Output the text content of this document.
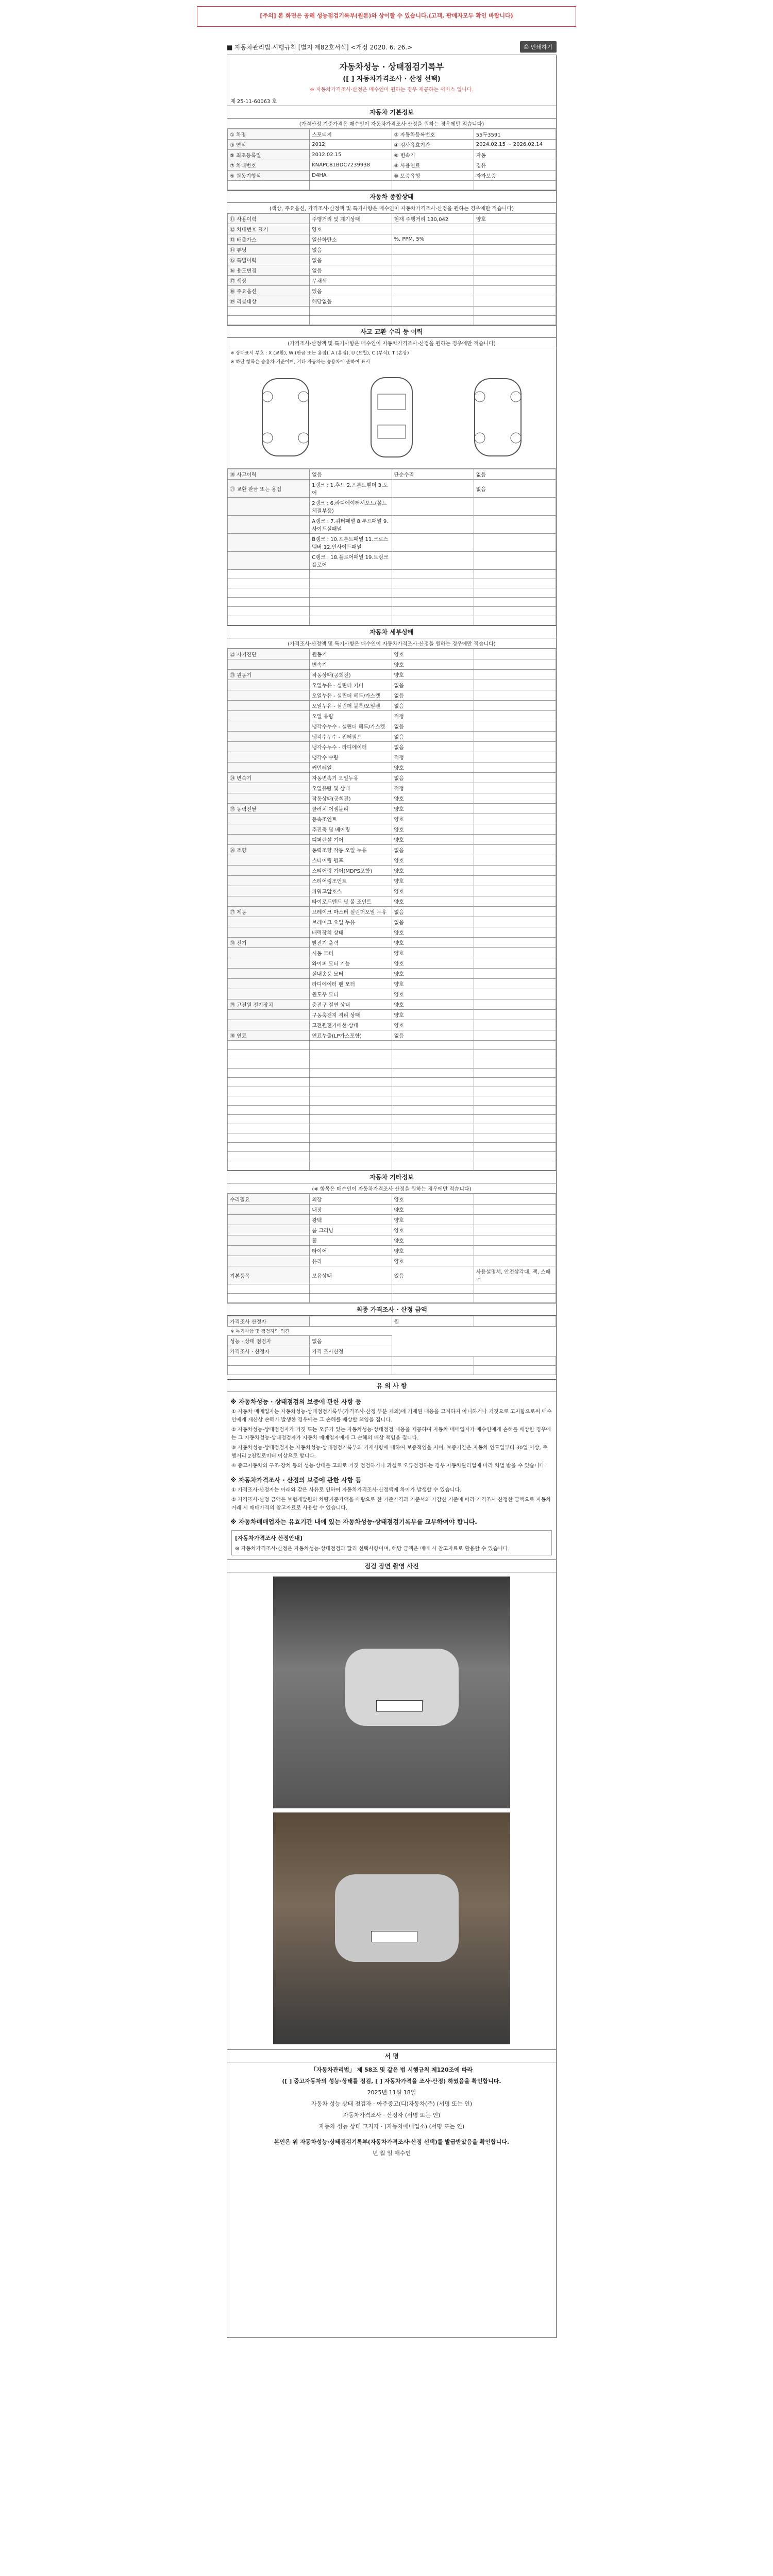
[주의] 본 화면은 공해 성능점검기록부(원본)와 상이할 수 있습니다.(고객, 판매자모두 확인 바랍니다)
■ 자동차관리법 시행규칙 [별지 제82호서식] <개정 2020. 6. 26.>	⎙ 인쇄하기
자동차성능 · 상태점검기록부
([ ] 자동차가격조사 · 산정 선택)

※ 자동차가격조사·산정은 매수인이 원하는 경우 제공하는 서비스 입니다.

제 25-11-60063 호
자동차 기본정보
(가격산정 기준가격은 매수인이 자동차가격조사·산정을 원하는 경우에만 적습니다)
① 차명	스포티지	② 자동차등록번호	55두3591
③ 연식	2012	④ 검사유효기간	2024.02.15 ~ 2026.02.14
⑤ 최초등록일	2012.02.15	⑥ 변속기	자동
⑦ 차대번호	KNAPC81BDC7239938	⑧ 사용연료	경유
⑨ 원동기형식	D4HA	⑩ 보증유형	자가보증

자동차 종합상태
(색상, 주요옵션, 가격조사·산정액 및 특기사항은 매수인이 자동차가격조사·산정을 원하는 경우에만 적습니다)
⑪ 사용이력	주행거리 및 계기상태	현재 주행거리 130,042	양호
⑫ 차대번호 표기	양호		
⑬ 배출가스	일산화탄소	%, PPM, 5%	
⑭ 튜닝	없음		
⑮ 특별이력	없음		
⑯ 용도변경	없음		
⑰ 색상	무채색		
⑱ 주요옵션	있음		
⑲ 리콜대상	해당없음		

사고 교환 수리 등 이력
(가격조사·산정액 및 특기사항은 매수인이 자동차가격조사·산정을 원하는 경우에만 적습니다)
※ 상태표시 부호 : X (교환), W (판금 또는 용접), A (흠집), U (요철), C (부식), T (손상)
※ 하단 항목은 승용차 기준이며, 기타 자동차는 승용차에 준하여 표시
⑳ 사고이력	없음	단순수리	없음
㉑ 교환 판금 또는 용접	1랭크 : 1.후드 2.프론트휀더 3.도어		없음
	2랭크 : 6.라디에이터서포트(볼트체결부품)		
	A랭크 : 7.쿼터패널 8.루프패널 9.사이드실패널		
	B랭크 : 10.프론트패널 11.크로스멤버 12.인사이드패널		
	C랭크 : 18.플로어패널 19.트렁크플로어		

자동차 세부상태
(가격조사·산정액 및 특기사항은 매수인이 자동차가격조사·산정을 원하는 경우에만 적습니다)
㉒ 자기진단	원동기	양호	
	변속기	양호	
㉓ 원동기	작동상태(공회전)	양호	
	오일누유 - 실린더 커버	없음	
	오일누유 - 실린더 헤드/가스켓	없음	
	오일누유 - 실린더 블록/오일팬	없음	
	오일 유량	적정	
	냉각수누수 - 실린더 헤드/가스켓	없음	
	냉각수누수 - 워터펌프	없음	
	냉각수누수 - 라디에이터	없음	
	냉각수 수량	적정	
	커먼레일	양호	
㉔ 변속기	자동변속기 오일누유	없음	
	오일유량 및 상태	적정	
	작동상태(공회전)	양호	
㉕ 동력전달	클러치 어셈블리	양호	
	등속조인트	양호	
	추진축 및 베어링	양호	
	디퍼렌셜 기어	양호	
㉖ 조향	동력조향 작동 오일 누유	없음	
	스티어링 펌프	양호	
	스티어링 기어(MDPS포함)	양호	
	스티어링조인트	양호	
	파워고압호스	양호	
	타이로드엔드 및 볼 조인트	양호	
㉗ 제동	브레이크 마스터 실린더오일 누유	없음	
	브레이크 오일 누유	없음	
	배력장치 상태	양호	
㉘ 전기	발전기 출력	양호	
	시동 모터	양호	
	와이퍼 모터 기능	양호	
	실내송풍 모터	양호	
	라디에이터 팬 모터	양호	
	윈도우 모터	양호	
㉙ 고전원 전기장치	충전구 절연 상태	양호	
	구동축전지 격리 상태	양호	
	고전원전기배선 상태	양호	
㉚ 연료	연료누출(LP가스포함)	없음	

자동차 기타정보
(※ 항목은 매수인이 자동차가격조사·산정을 원하는 경우에만 적습니다)
수리필요	외장	양호	
	내장	양호	
	광택	양호	
	룸 크리닝	양호	
	휠	양호	
	타이어	양호	
	유리	양호	
기본품목	보유상태	있음	사용설명서, 안전삼각대, 잭, 스패너

최종 가격조사 · 산정 금액
가격조사 산정자		원	
※ 특기사항 및 점검자의 의견
성능 · 상태 점검자	없음		
가격조사 · 산정자	가격 조사산정		

유 의 사 항
※ 자동차성능 · 상태점검의 보증에 관한 사항 등

① 자동차 매매업자는 자동차성능·상태점검기록부(가격조사·산정 부분 제외)에 기재된 내용을 고지하지 아니하거나 거짓으로 고지함으로써 매수인에게 재산상 손해가 발생한 경우에는 그 손해를 배상할 책임을 집니다.

② 자동차성능·상태점검자가 거짓 또는 오류가 있는 자동차성능·상태점검 내용을 제공하여 자동차 매매업자가 매수인에게 손해를 배상한 경우에는 그 자동차성능·상태점검자가 자동차 매매업자에게 그 손해의 배상 책임을 집니다.

③ 자동차성능·상태점검자는 자동차성능·상태점검기록부의 기재사항에 대하여 보증책임을 지며, 보증기간은 자동차 인도일부터 30일 이상, 주행거리 2천킬로미터 이상으로 합니다.

④ 중고자동차의 구조·장치 등의 성능·상태를 고의로 거짓 점검하거나 과실로 오류점검하는 경우 자동차관리법에 따라 처벌 받을 수 있습니다.

※ 자동차가격조사 · 산정의 보증에 관한 사항 등

① 가격조사·산정자는 아래와 같은 사유로 인하여 자동차가격조사·산정액에 차이가 발생할 수 있습니다.

② 가격조사·산정 금액은 보험개발원의 차량기준가액을 바탕으로 한 기준가격과 기준서의 가감산 기준에 따라 가격조사·산정한 금액으로 자동차 거래 시 매매가격의 참고자료로 사용할 수 있습니다.

※ 자동차매매업자는 유효기간 내에 있는 자동차성능·상태점검기록부를 교부하여야 합니다.
[자동차가격조사 산정안내]

※ 자동차가격조사·산정은 자동차성능·상태점검과 달리 선택사항이며, 해당 금액은 매매 시 참고자료로 활용할 수 있습니다.

점검 장면 촬영 사진
서 명

「자동차관리법」 제 58조 및 같은 법 시행규칙 제120조에 따라

([ ] 중고자동차의 성능·상태를 점검, [ ] 자동차가격을 조사·산정) 하였음을 확인합니다.

2025년 11월 18일

자동차 성능 상태 점검자 · 아주중고(디)자동차(주) (서명 또는 인)

자동차가격조사 · 산정자 (서명 또는 인)

자동차 성능 상태 고지자 · (자동차매매업소) (서명 또는 인)

본인은 위 자동차성능·상태점검기록부(자동차가격조사·산정 선택)를 발급받았음을 확인합니다.

년 월 일 매수인
